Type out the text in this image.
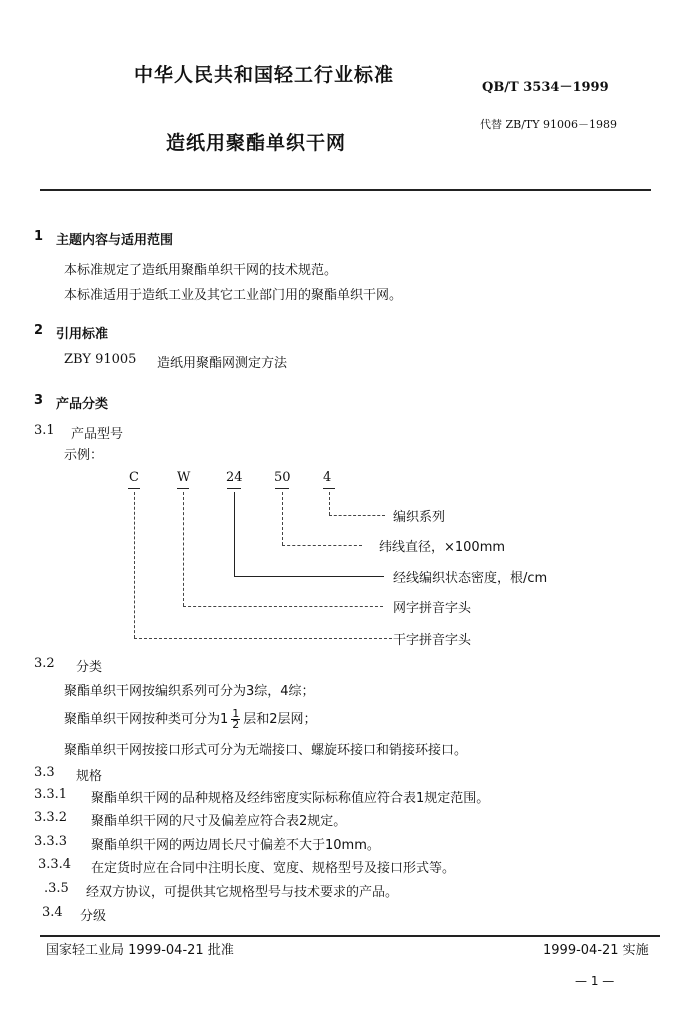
中华人民共和国轻工行业标准
QB/T 3534－1999
造纸用聚酯单织干网
代替 ZB/TY 91006－1989
1 主题内容与适用范围
本标准规定了造纸用聚酯单织干网的技术规范。
本标准适用于造纸工业及其它工业部门用的聚酯单织干网。
2 引用标准
ZBY 91005 造纸用聚酯网测定方法
3 产品分类
3.1 产品型号
示例：
C	W	24 50 4
编织系列
纬线直径，×100mm
经线编织状态密度，根/cm
网字拼音字头
干字拼音字头
3.2 分类
聚酯单织干网按编织系列可分为3综，4综；
聚酯单织干网按种类可分为$1 \frac{1}{2}$ 层和2层网；
聚酯单织干网按接口形式可分为无端接口、螺旋环接口和销接环接口。
3.3 规格
3.3.1 聚酯单织干网的品种规格及经纬密度实际标称值应符合表1规定范围。
3.3.2 聚酯单织干网的尺寸及偏差应符合表2规定。
3.3.3 聚酯单织干网的两边周长尺寸偏差不大于10mm。
3.3.4 在定货时应在合同中注明长度、宽度、规格型号及接口形式等。
.3.5 经双方协议，可提供其它规格型号与技术要求的产品。
3.4 分级
国家轻工业局 1999-04-21 批准	1999-04-21 实施
— 1 —
